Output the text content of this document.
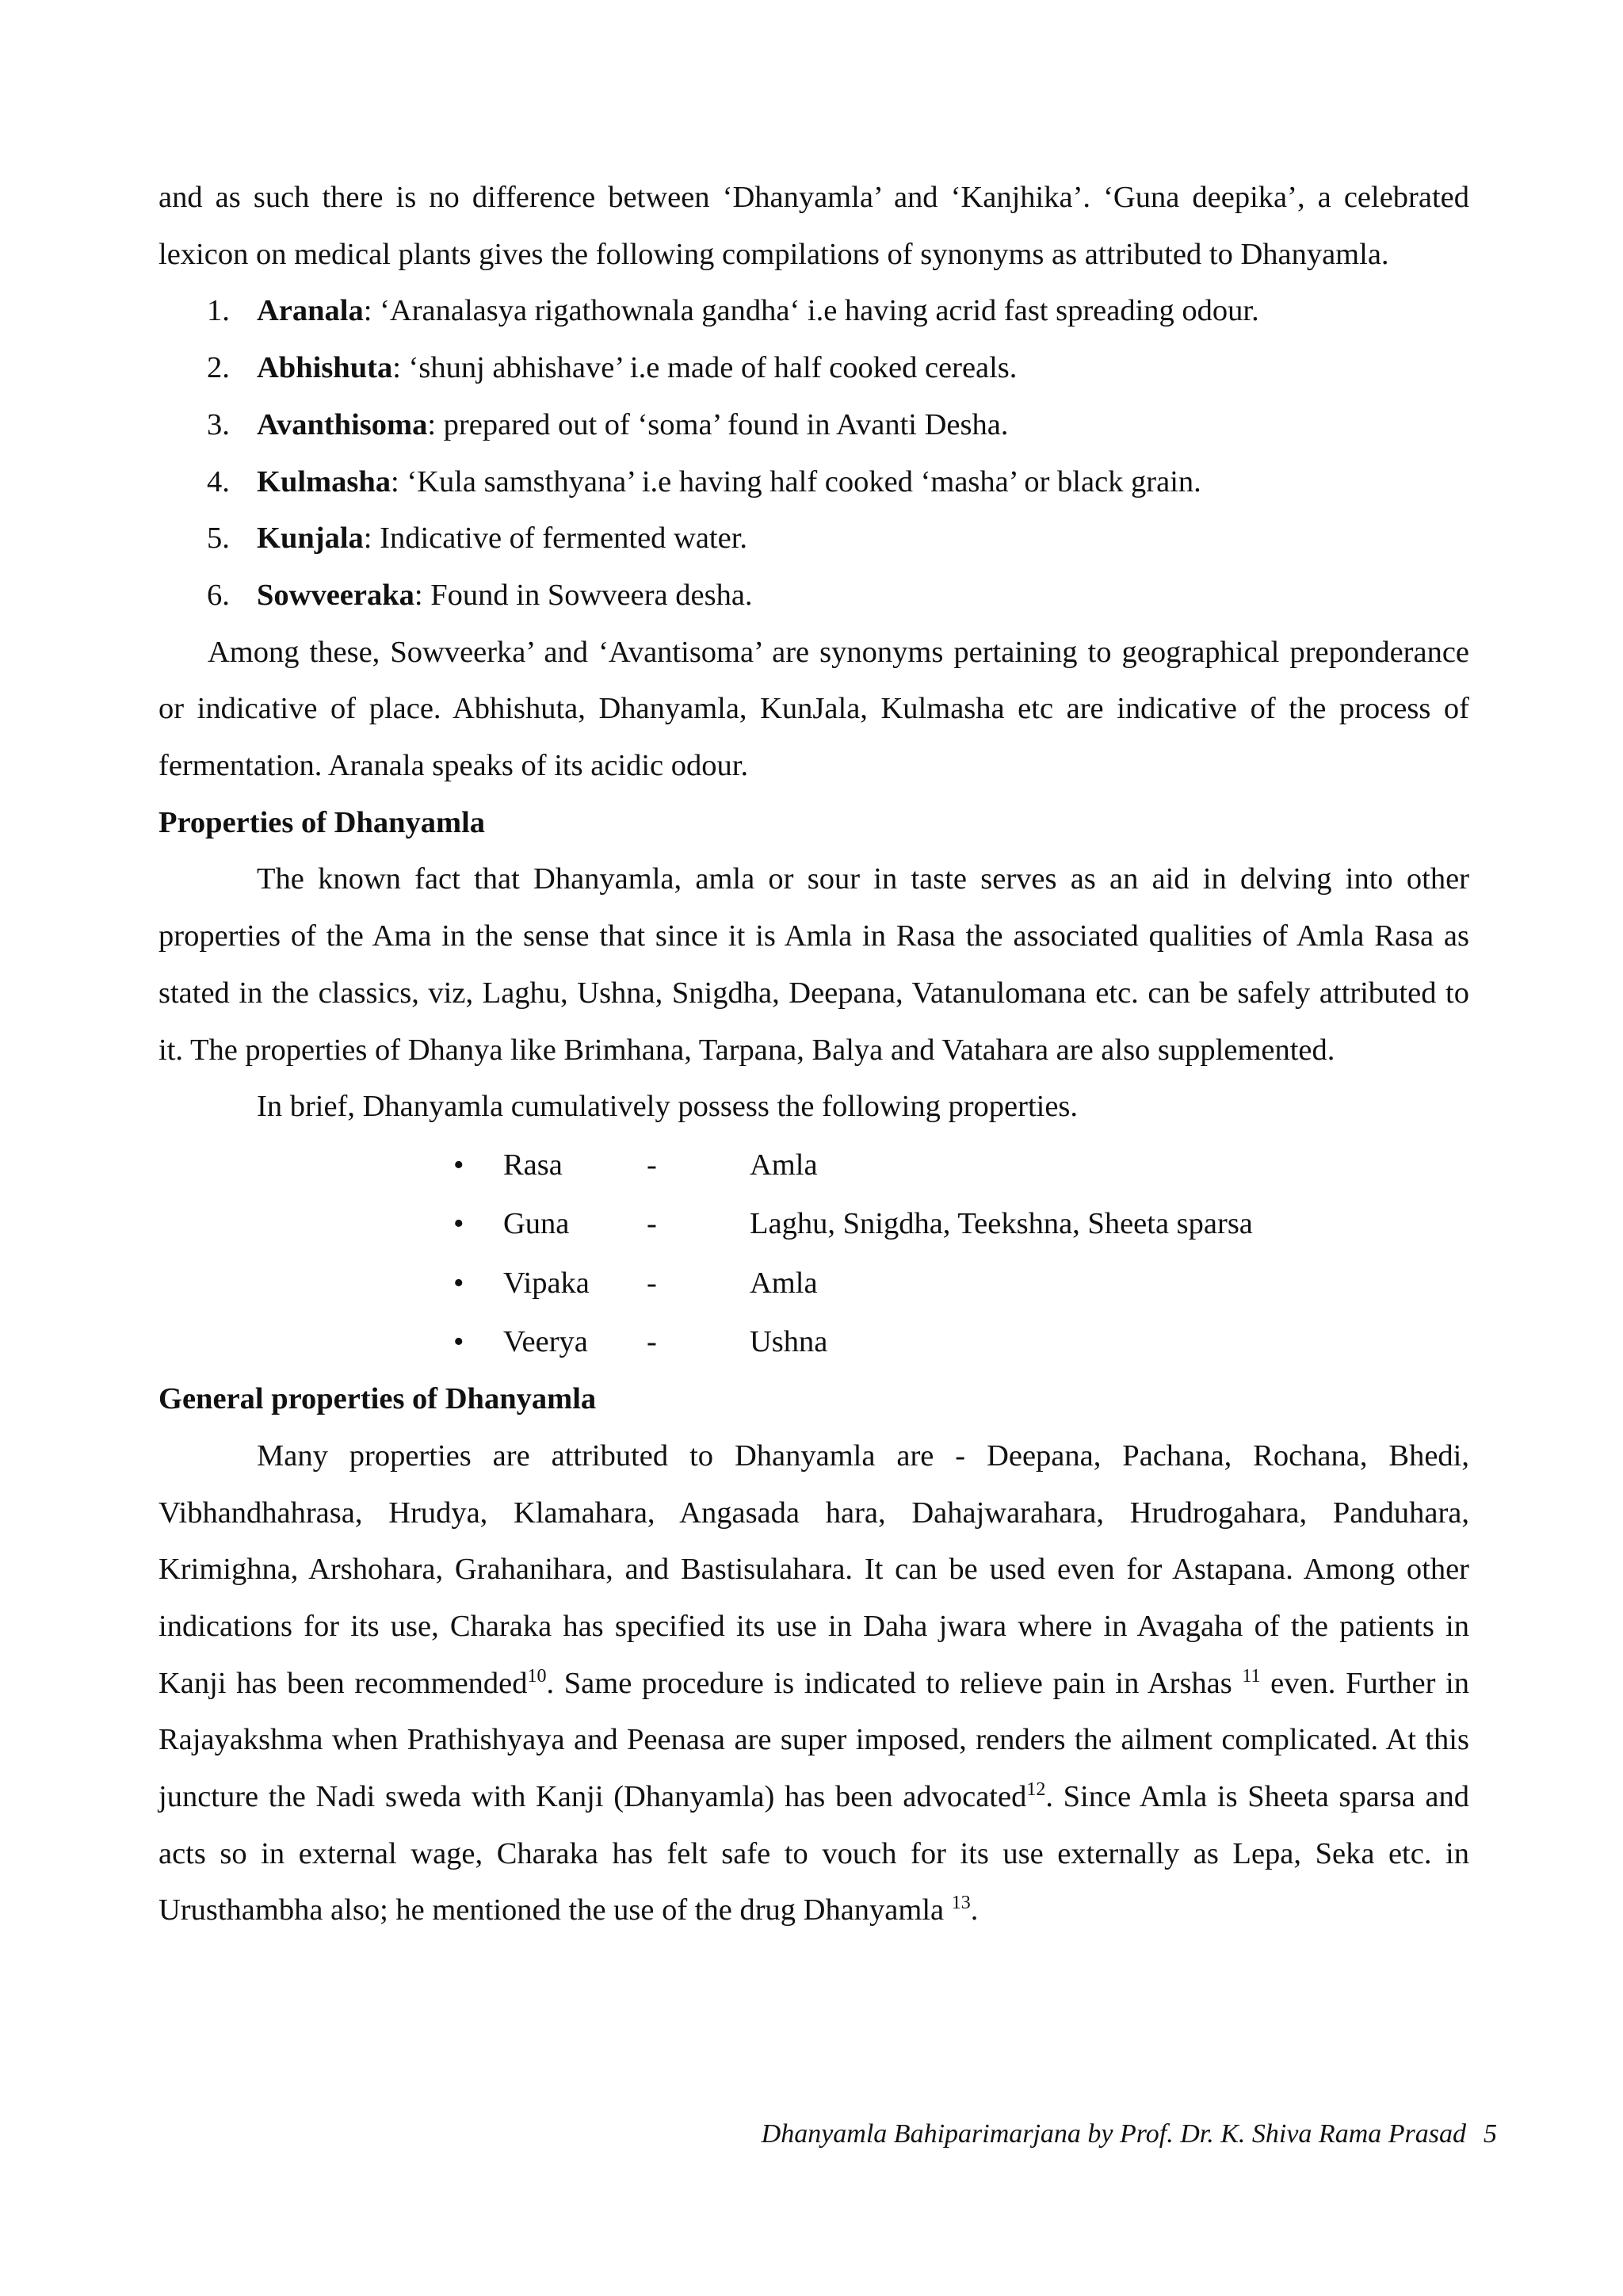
and as such there is no difference between ‘Dhanyamla’ and ‘Kanjhika’. ‘Guna deepika’, a celebrated lexicon on medical plants gives the following compilations of synonyms as attributed to Dhanyamla.

1. Aranala: ‘Aranalasya rigathownala gandha‘ i.e having acrid fast spreading odour.
2. Abhishuta: ‘shunj abhishave’ i.e made of half cooked cereals.
3. Avanthisoma: prepared out of ‘soma’ found in Avanti Desha.
4. Kulmasha: ‘Kula samsthyana’ i.e having half cooked ‘masha’ or black grain.
5. Kunjala: Indicative of fermented water.
6. Sowveeraka: Found in Sowveera desha.

Among these, Sowveerka’ and ‘Avantisoma’ are synonyms pertaining to geographical preponderance or indicative of place. Abhishuta, Dhanyamla, KunJala, Kulmasha etc are indicative of the process of fermentation. Aranala speaks of its acidic odour.

Properties of Dhanyamla

The known fact that Dhanyamla, amla or sour in taste serves as an aid in delving into other properties of the Ama in the sense that since it is Amla in Rasa the associated qualities of Amla Rasa as stated in the classics, viz, Laghu, Ushna, Snigdha, Deepana, Vatanulomana etc. can be safely attributed to it. The properties of Dhanya like Brimhana, Tarpana, Balya and Vatahara are also supplemented.

In brief, Dhanyamla cumulatively possess the following properties.

• Rasa	-	Amla
• Guna	-	Laghu, Snigdha, Teekshna, Sheeta sparsa
• Vipaka -	Amla
• Veerya -	Ushna

General properties of Dhanyamla

Many properties are attributed to Dhanyamla are - Deepana, Pachana, Rochana, Bhedi, Vibhandhahrasa, Hrudya, Klamahara, Angasada hara, Dahajwarahara, Hrudrogahara, Panduhara, Krimighna, Arshohara, Grahanihara, and Bastisulahara. It can be used even for Astapana. Among other indications for its use, Charaka has specified its use in Daha jwara where in Avagaha of the patients in Kanji has been recommended$^{10}$. Same procedure is indicated to relieve pain in Arshas $^{11}$ even. Further in Rajayakshma when Prathishyaya and Peenasa are super imposed, renders the ailment complicated. At this juncture the Nadi sweda with Kanji (Dhanyamla) has been advocated$^{12}$. Since Amla is Sheeta sparsa and acts so in external wage, Charaka has felt safe to vouch for its use externally as Lepa, Seka etc. in Urusthambha also; he mentioned the use of the drug Dhanyamla $^{13}$.

Dhanyamla Bahiparimarjana by Prof. Dr. K. Shiva Rama Prasad 5
